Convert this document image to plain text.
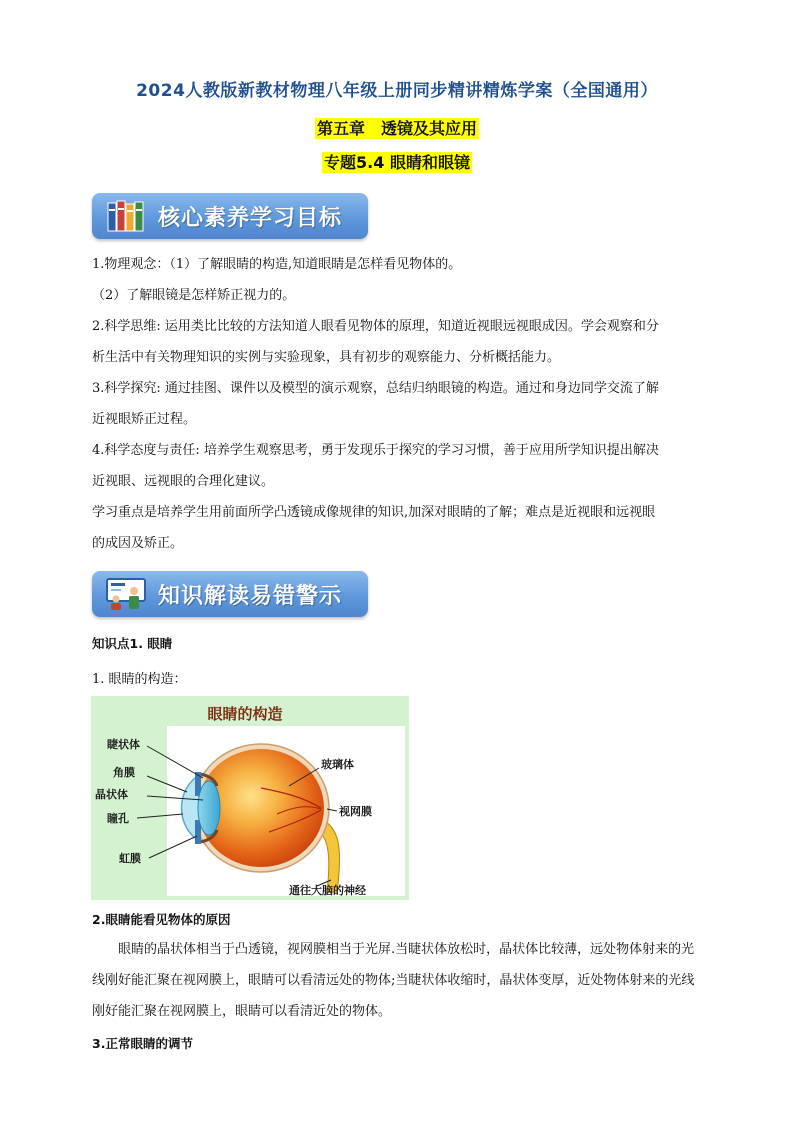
2024人教版新教材物理八年级上册同步精讲精炼学案（全国通用）
第五章　透镜及其应用
专题5.4 眼睛和眼镜
核心素养学习目标
1.物理观念：（1）了解眼睛的构造,知道眼睛是怎样看见物体的。
（2）了解眼镜是怎样矫正视力的。
2.科学思维: 运用类比比较的方法知道人眼看见物体的原理，知道近视眼远视眼成因。学会观察和分
析生活中有关物理知识的实例与实验现象，具有初步的观察能力、分析概括能力。
3.科学探究: 通过挂图、课件以及模型的演示观察，总结归纳眼镜的构造。通过和身边同学交流了解
近视眼矫正过程。
4.科学态度与责任: 培养学生观察思考，勇于发现乐于探究的学习习惯，善于应用所学知识提出解决
近视眼、远视眼的合理化建议。
学习重点是培养学生用前面所学凸透镜成像规律的知识,加深对眼睛的了解；难点是近视眼和远视眼
的成因及矫正。
知识解读易错警示
知识点1. 眼睛
1. 眼睛的构造：
眼睛的构造
睫状体
角膜
晶状体
瞳孔
虹膜
玻璃体
视网膜
通往大脑的神经
2.眼睛能看见物体的原因
眼睛的晶状体相当于凸透镜，视网膜相当于光屏.当睫状体放松时，晶状体比较薄，远处物体射来的光线刚好能汇聚在视网膜上，眼睛可以看清远处的物体;当睫状体收缩时，晶状体变厚，近处物体射来的光线刚好能汇聚在视网膜上，眼睛可以看清近处的物体。
3.正常眼睛的调节
